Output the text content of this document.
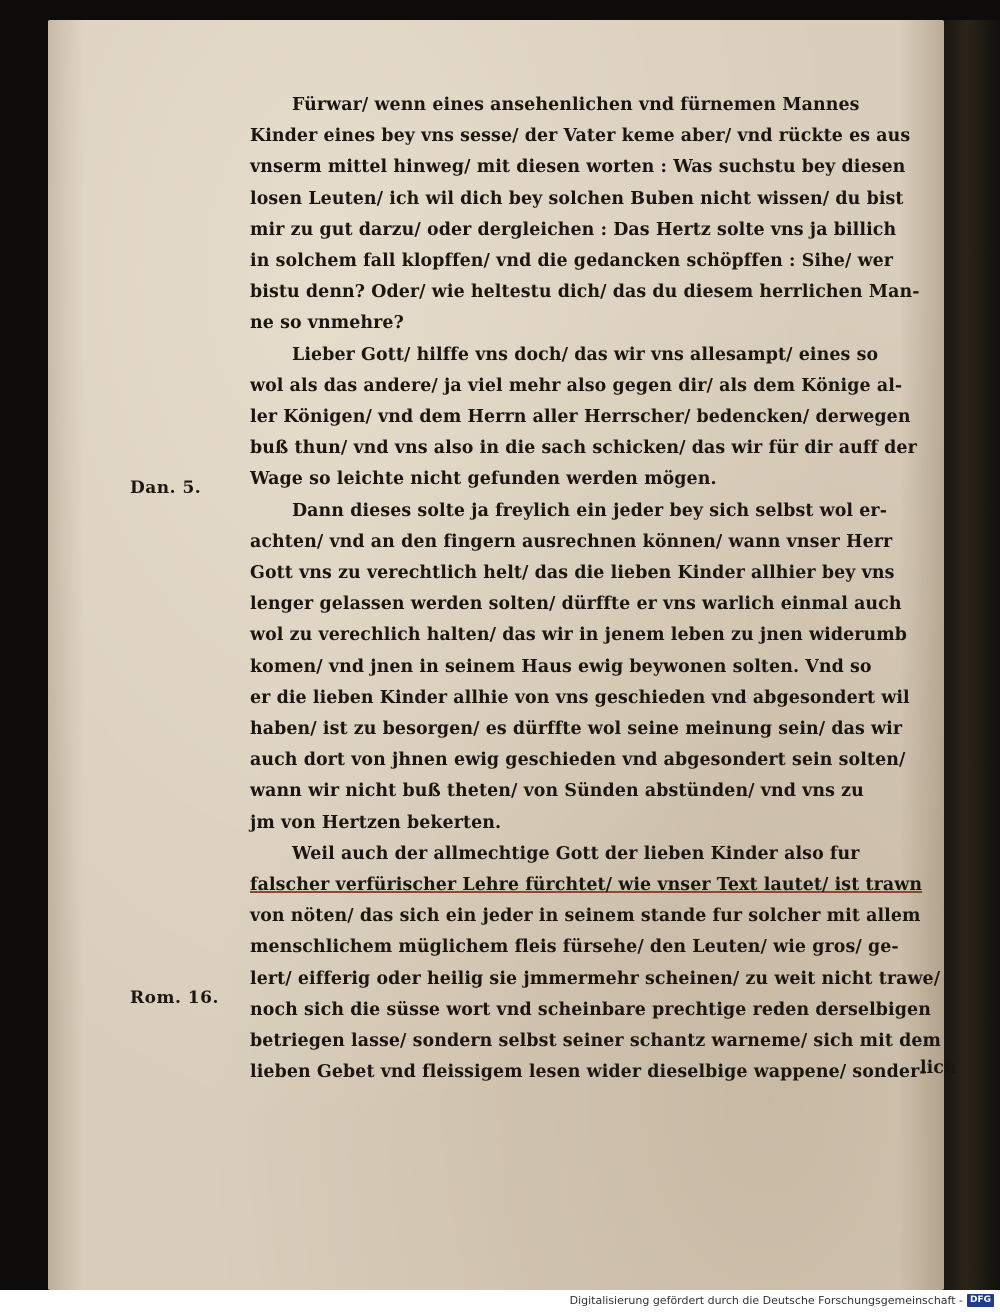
Dan. 5.
Rom. 16.
Fürwar/ wenn eines ansehenlichen vnd fürnemen Mannes
Kinder eines bey vns sesse/ der Vater keme aber/ vnd rückte es aus
vnserm mittel hinweg/ mit diesen worten : Was suchstu bey diesen
losen Leuten/ ich wil dich bey solchen Buben nicht wissen/ du bist
mir zu gut darzu/ oder dergleichen : Das Hertz solte vns ja billich
in solchem fall klopffen/ vnd die gedancken schöpffen : Sihe/ wer
bistu denn? Oder/ wie heltestu dich/ das du diesem herrlichen Man-
ne so vnmehre?
Lieber Gott/ hilffe vns doch/ das wir vns allesampt/ eines so
wol als das andere/ ja viel mehr also gegen dir/ als dem Könige al-
ler Königen/ vnd dem Herrn aller Herrscher/ bedencken/ derwegen
buß thun/ vnd vns also in die sach schicken/ das wir für dir auff der
Wage so leichte nicht gefunden werden mögen.
Dann dieses solte ja freylich ein jeder bey sich selbst wol er-
achten/ vnd an den fingern ausrechnen können/ wann vnser Herr
Gott vns zu verechtlich helt/ das die lieben Kinder allhier bey vns
lenger gelassen werden solten/ dürffte er vns warlich einmal auch
wol zu verechlich halten/ das wir in jenem leben zu jnen widerumb
komen/ vnd jnen in seinem Haus ewig beywonen solten. Vnd so
er die lieben Kinder allhie von vns geschieden vnd abgesondert wil
haben/ ist zu besorgen/ es dürffte wol seine meinung sein/ das wir
auch dort von jhnen ewig geschieden vnd abgesondert sein solten/
wann wir nicht buß theten/ von Sünden abstünden/ vnd vns zu
jm von Hertzen bekerten.
Weil auch der allmechtige Gott der lieben Kinder also fur
falscher verfürischer Lehre fürchtet/ wie vnser Text lautet/ ist trawn
von nöten/ das sich ein jeder in seinem stande fur solcher mit allem
menschlichem müglichem fleis fürsehe/ den Leuten/ wie gros/ ge-
lert/ eifferig oder heilig sie jmmermehr scheinen/ zu weit nicht trawe/
noch sich die süsse wort vnd scheinbare prechtige reden derselbigen
betriegen lasse/ sondern selbst seiner schantz warneme/ sich mit dem
lieben Gebet vnd fleissigem lesen wider dieselbige wappene/ sonder-
lich
Digitalisierung gefördert durch die Deutsche Forschungsgemeinschaft - DFG
